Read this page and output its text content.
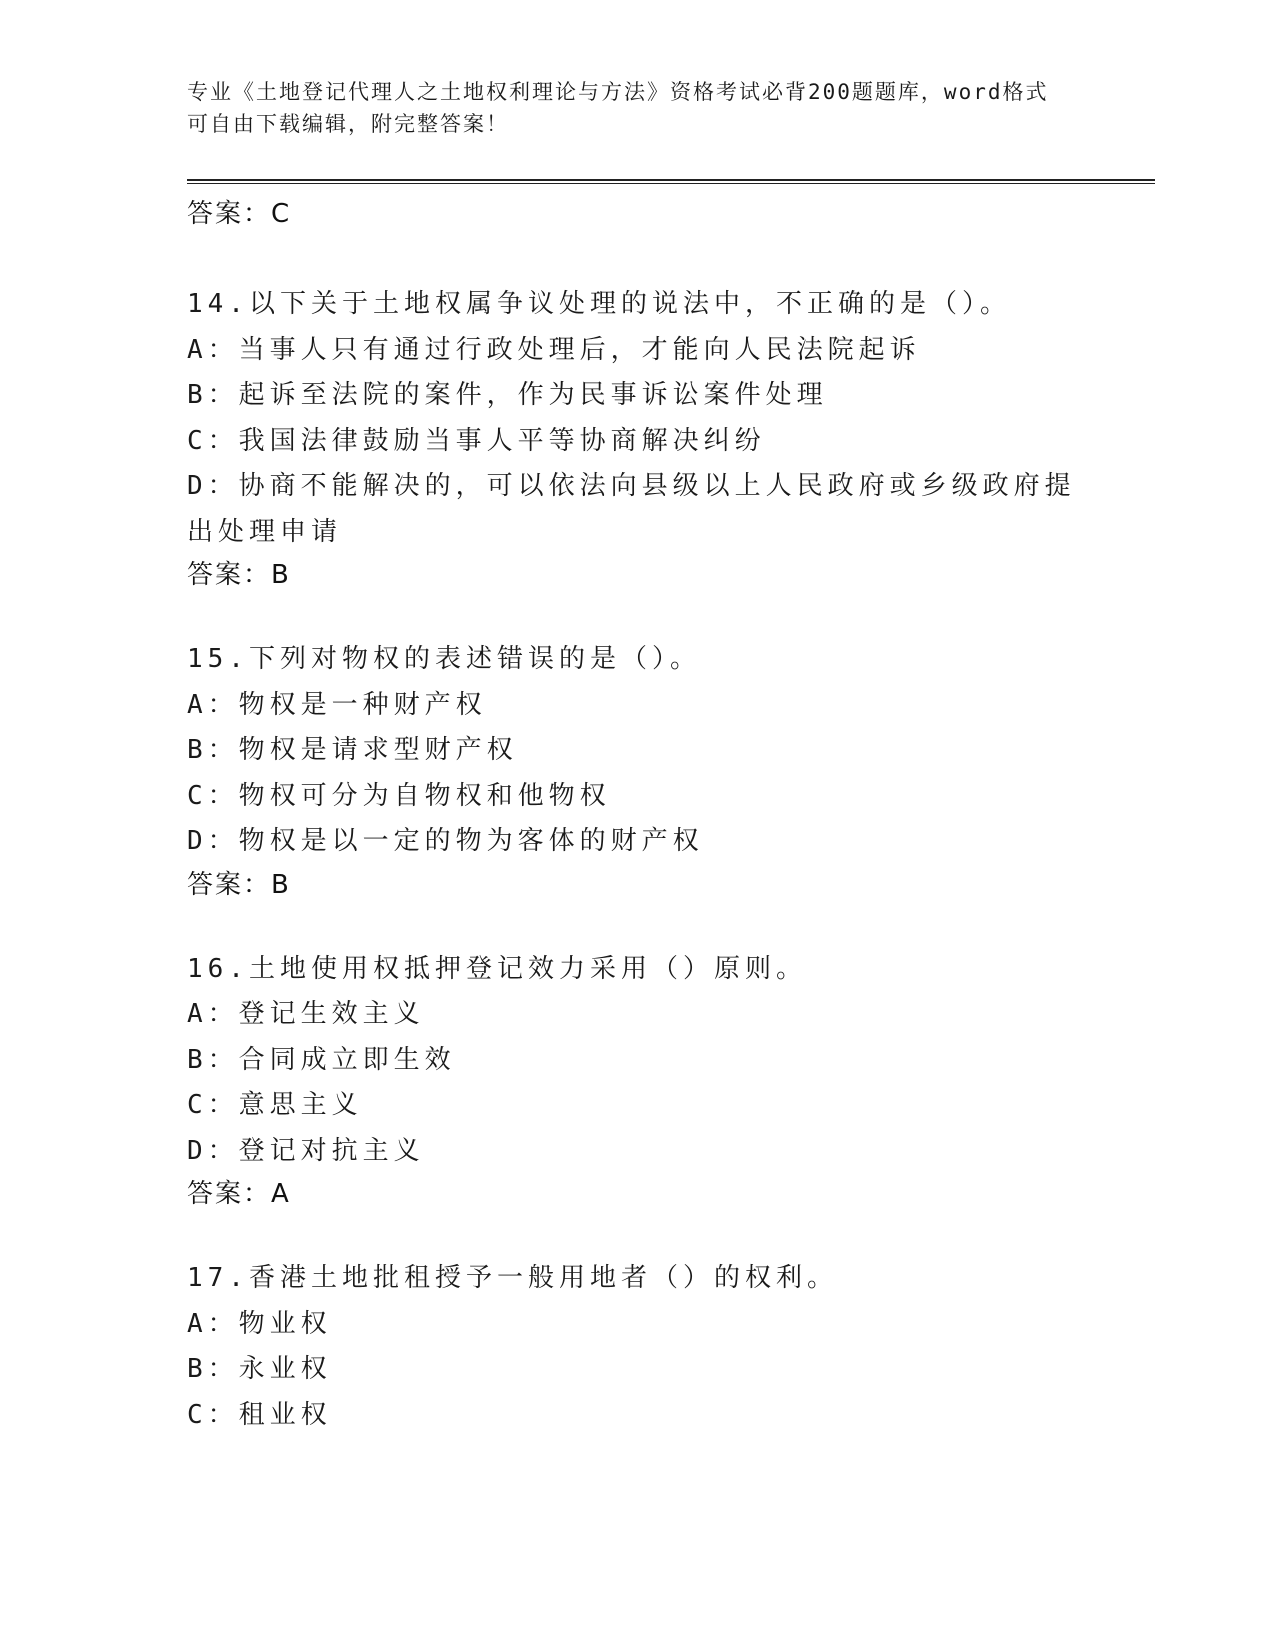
专业《土地登记代理人之土地权利理论与方法》资格考试必背200题题库，word格式可自由下载编辑，附完整答案！

答案：C

14.以下关于土地权属争议处理的说法中，不正确的是（）。

A：当事人只有通过行政处理后，才能向人民法院起诉

B：起诉至法院的案件，作为民事诉讼案件处理

C：我国法律鼓励当事人平等协商解决纠纷

D：协商不能解决的，可以依法向县级以上人民政府或乡级政府提出处理申请

答案：B

15.下列对物权的表述错误的是（）。

A：物权是一种财产权

B：物权是请求型财产权

C：物权可分为自物权和他物权

D：物权是以一定的物为客体的财产权

答案：B

16.土地使用权抵押登记效力采用（）原则。

A：登记生效主义

B：合同成立即生效

C：意思主义

D：登记对抗主义

答案：A

17.香港土地批租授予一般用地者（）的权利。

A：物业权

B：永业权

C：租业权
